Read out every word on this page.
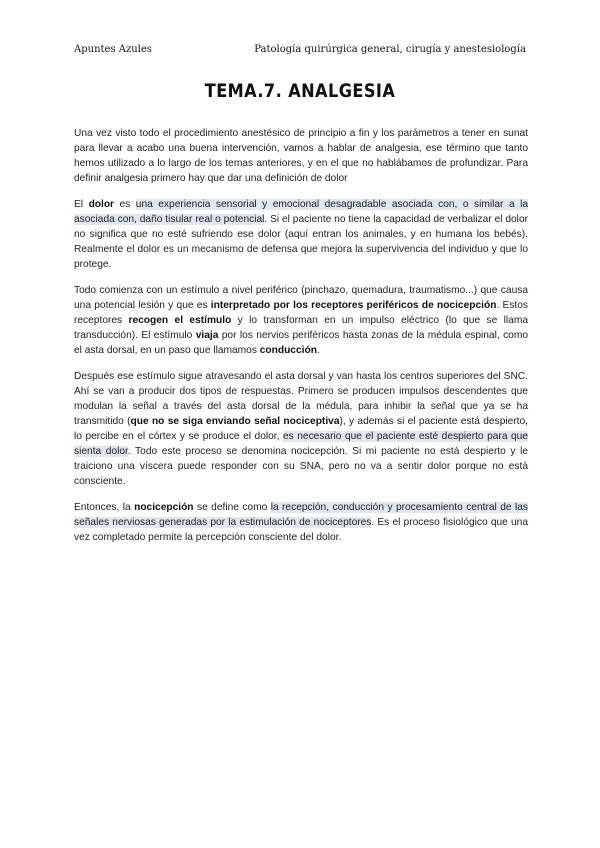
Apuntes Azules	Patología quirúrgica general, cirugía y anestesiología
TEMA.7. ANALGESIA

Una vez visto todo el procedimiento anestésico de principio a fin y los parámetros a tener en sunat para llevar a acabo una buena intervención, vamos a hablar de analgesia, ese término que tanto hemos utilizado a lo largo de los temas anteriores, y en el que no hablábamos de profundizar. Para definir analgesia primero hay que dar una definición de dolor

El dolor es una experiencia sensorial y emocional desagradable asociada con, o similar a la asociada con, daño tisular real o potencial. Si el paciente no tiene la capacidad de verbalizar el dolor no significa que no esté sufriendo ese dolor (aquí entran los animales, y en humana los bebés). Realmente el dolor es un mecanismo de defensa que mejora la supervivencia del individuo y que lo protege.

Todo comienza con un estímulo a nivel periférico (pinchazo, quemadura, traumatismo...) que causa una potencial lesión y que es interpretado por los receptores periféricos de nocicepción. Estos receptores recogen el estímulo y lo transforman en un impulso eléctrico (lo que se llama transducción). El estímulo viaja por los nervios periféricos hasta zonas de la médula espinal, como el asta dorsal, en un paso que llamamos conducción.

Después ese estímulo sigue atravesando el asta dorsal y van hasta los centros superiores del SNC. Ahí se van a producir dos tipos de respuestas. Primero se producen impulsos descendentes que modulan la señal a través del asta dorsal de la médula, para inhibir la señal que ya se ha transmitido (que no se siga enviando señal nociceptiva), y además si el paciente está despierto, lo percibe en el córtex y se produce el dolor, es necesario que el paciente esté despierto para que sienta dolor. Todo este proceso se denomina nocicepción. Si mi paciente no está despierto y le traiciono una víscera puede responder con su SNA, pero no va a sentir dolor porque no está consciente.

Entonces, la nocicepción se define como la recepción, conducción y procesamiento central de las señales nerviosas generadas por la estimulación de nociceptores. Es el proceso fisiológico que una vez completado permite la percepción consciente del dolor.
